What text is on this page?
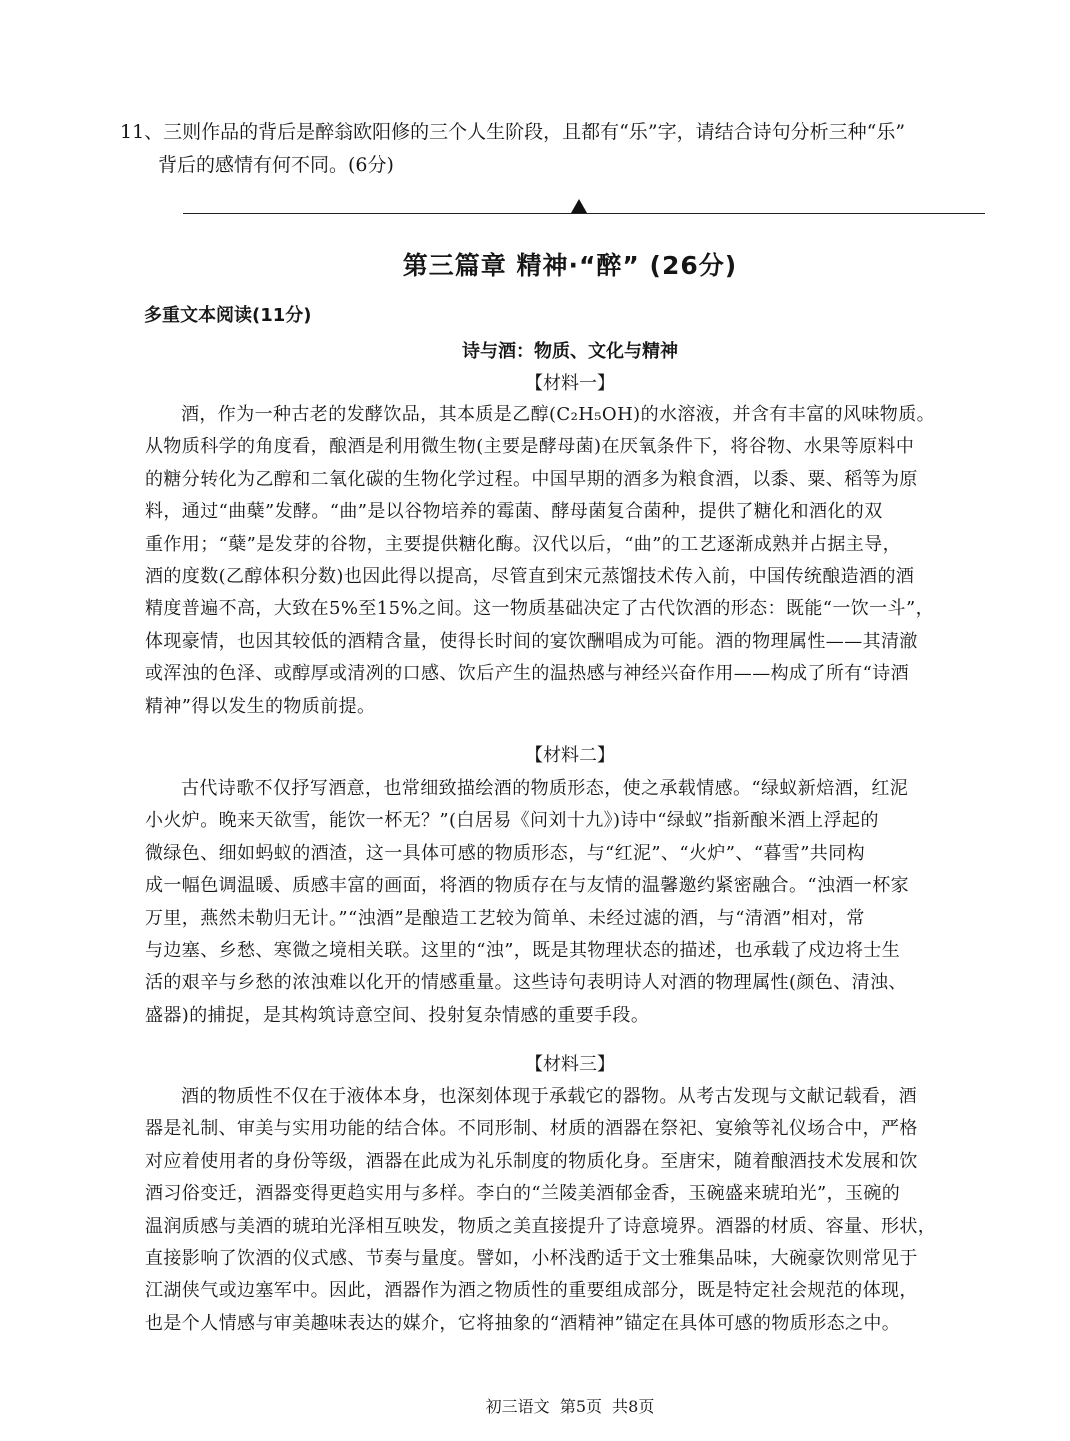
11、三则作品的背后是醉翁欧阳修的三个人生阶段，且都有“乐”字，请结合诗句分析三种“乐”
背后的感情有何不同。(6分)
第三篇章 精神·“醉” (26分)
多重文本阅读(11分)
诗与酒：物质、文化与精神
【材料一】
酒，作为一种古老的发酵饮品，其本质是乙醇(C₂H₅OH)的水溶液，并含有丰富的风味物质。
从物质科学的角度看，酿酒是利用微生物(主要是酵母菌)在厌氧条件下，将谷物、水果等原料中
的糖分转化为乙醇和二氧化碳的生物化学过程。中国早期的酒多为粮食酒，以黍、粟、稻等为原
料，通过“曲蘖”发酵。“曲”是以谷物培养的霉菌、酵母菌复合菌种，提供了糖化和酒化的双
重作用；“蘖”是发芽的谷物，主要提供糖化酶。汉代以后，“曲”的工艺逐渐成熟并占据主导，
酒的度数(乙醇体积分数)也因此得以提高，尽管直到宋元蒸馏技术传入前，中国传统酿造酒的酒
精度普遍不高，大致在5%至15%之间。这一物质基础决定了古代饮酒的形态：既能“一饮一斗”，
体现豪情，也因其较低的酒精含量，使得长时间的宴饮酬唱成为可能。酒的物理属性——其清澈
或浑浊的色泽、或醇厚或清冽的口感、饮后产生的温热感与神经兴奋作用——构成了所有“诗酒
精神”得以发生的物质前提。
【材料二】
古代诗歌不仅抒写酒意，也常细致描绘酒的物质形态，使之承载情感。“绿蚁新焙酒，红泥
小火炉。晚来天欲雪，能饮一杯无？”(白居易《问刘十九》)诗中“绿蚁”指新酿米酒上浮起的
微绿色、细如蚂蚁的酒渣，这一具体可感的物质形态，与“红泥”、“火炉”、“暮雪”共同构
成一幅色调温暖、质感丰富的画面，将酒的物质存在与友情的温馨邀约紧密融合。“浊酒一杯家
万里，燕然未勒归无计。”“浊酒”是酿造工艺较为简单、未经过滤的酒，与“清酒”相对，常
与边塞、乡愁、寒微之境相关联。这里的“浊”，既是其物理状态的描述，也承载了戍边将士生
活的艰辛与乡愁的浓浊难以化开的情感重量。这些诗句表明诗人对酒的物理属性(颜色、清浊、
盛器)的捕捉，是其构筑诗意空间、投射复杂情感的重要手段。
【材料三】
酒的物质性不仅在于液体本身，也深刻体现于承载它的器物。从考古发现与文献记载看，酒
器是礼制、审美与实用功能的结合体。不同形制、材质的酒器在祭祀、宴飨等礼仪场合中，严格
对应着使用者的身份等级，酒器在此成为礼乐制度的物质化身。至唐宋，随着酿酒技术发展和饮
酒习俗变迁，酒器变得更趋实用与多样。李白的“兰陵美酒郁金香，玉碗盛来琥珀光”，玉碗的
温润质感与美酒的琥珀光泽相互映发，物质之美直接提升了诗意境界。酒器的材质、容量、形状，
直接影响了饮酒的仪式感、节奏与量度。譬如，小杯浅酌适于文士雅集品味，大碗豪饮则常见于
江湖侠气或边塞军中。因此，酒器作为酒之物质性的重要组成部分，既是特定社会规范的体现，
也是个人情感与审美趣味表达的媒介，它将抽象的“酒精神”锚定在具体可感的物质形态之中。
初三语文  第5页  共8页
